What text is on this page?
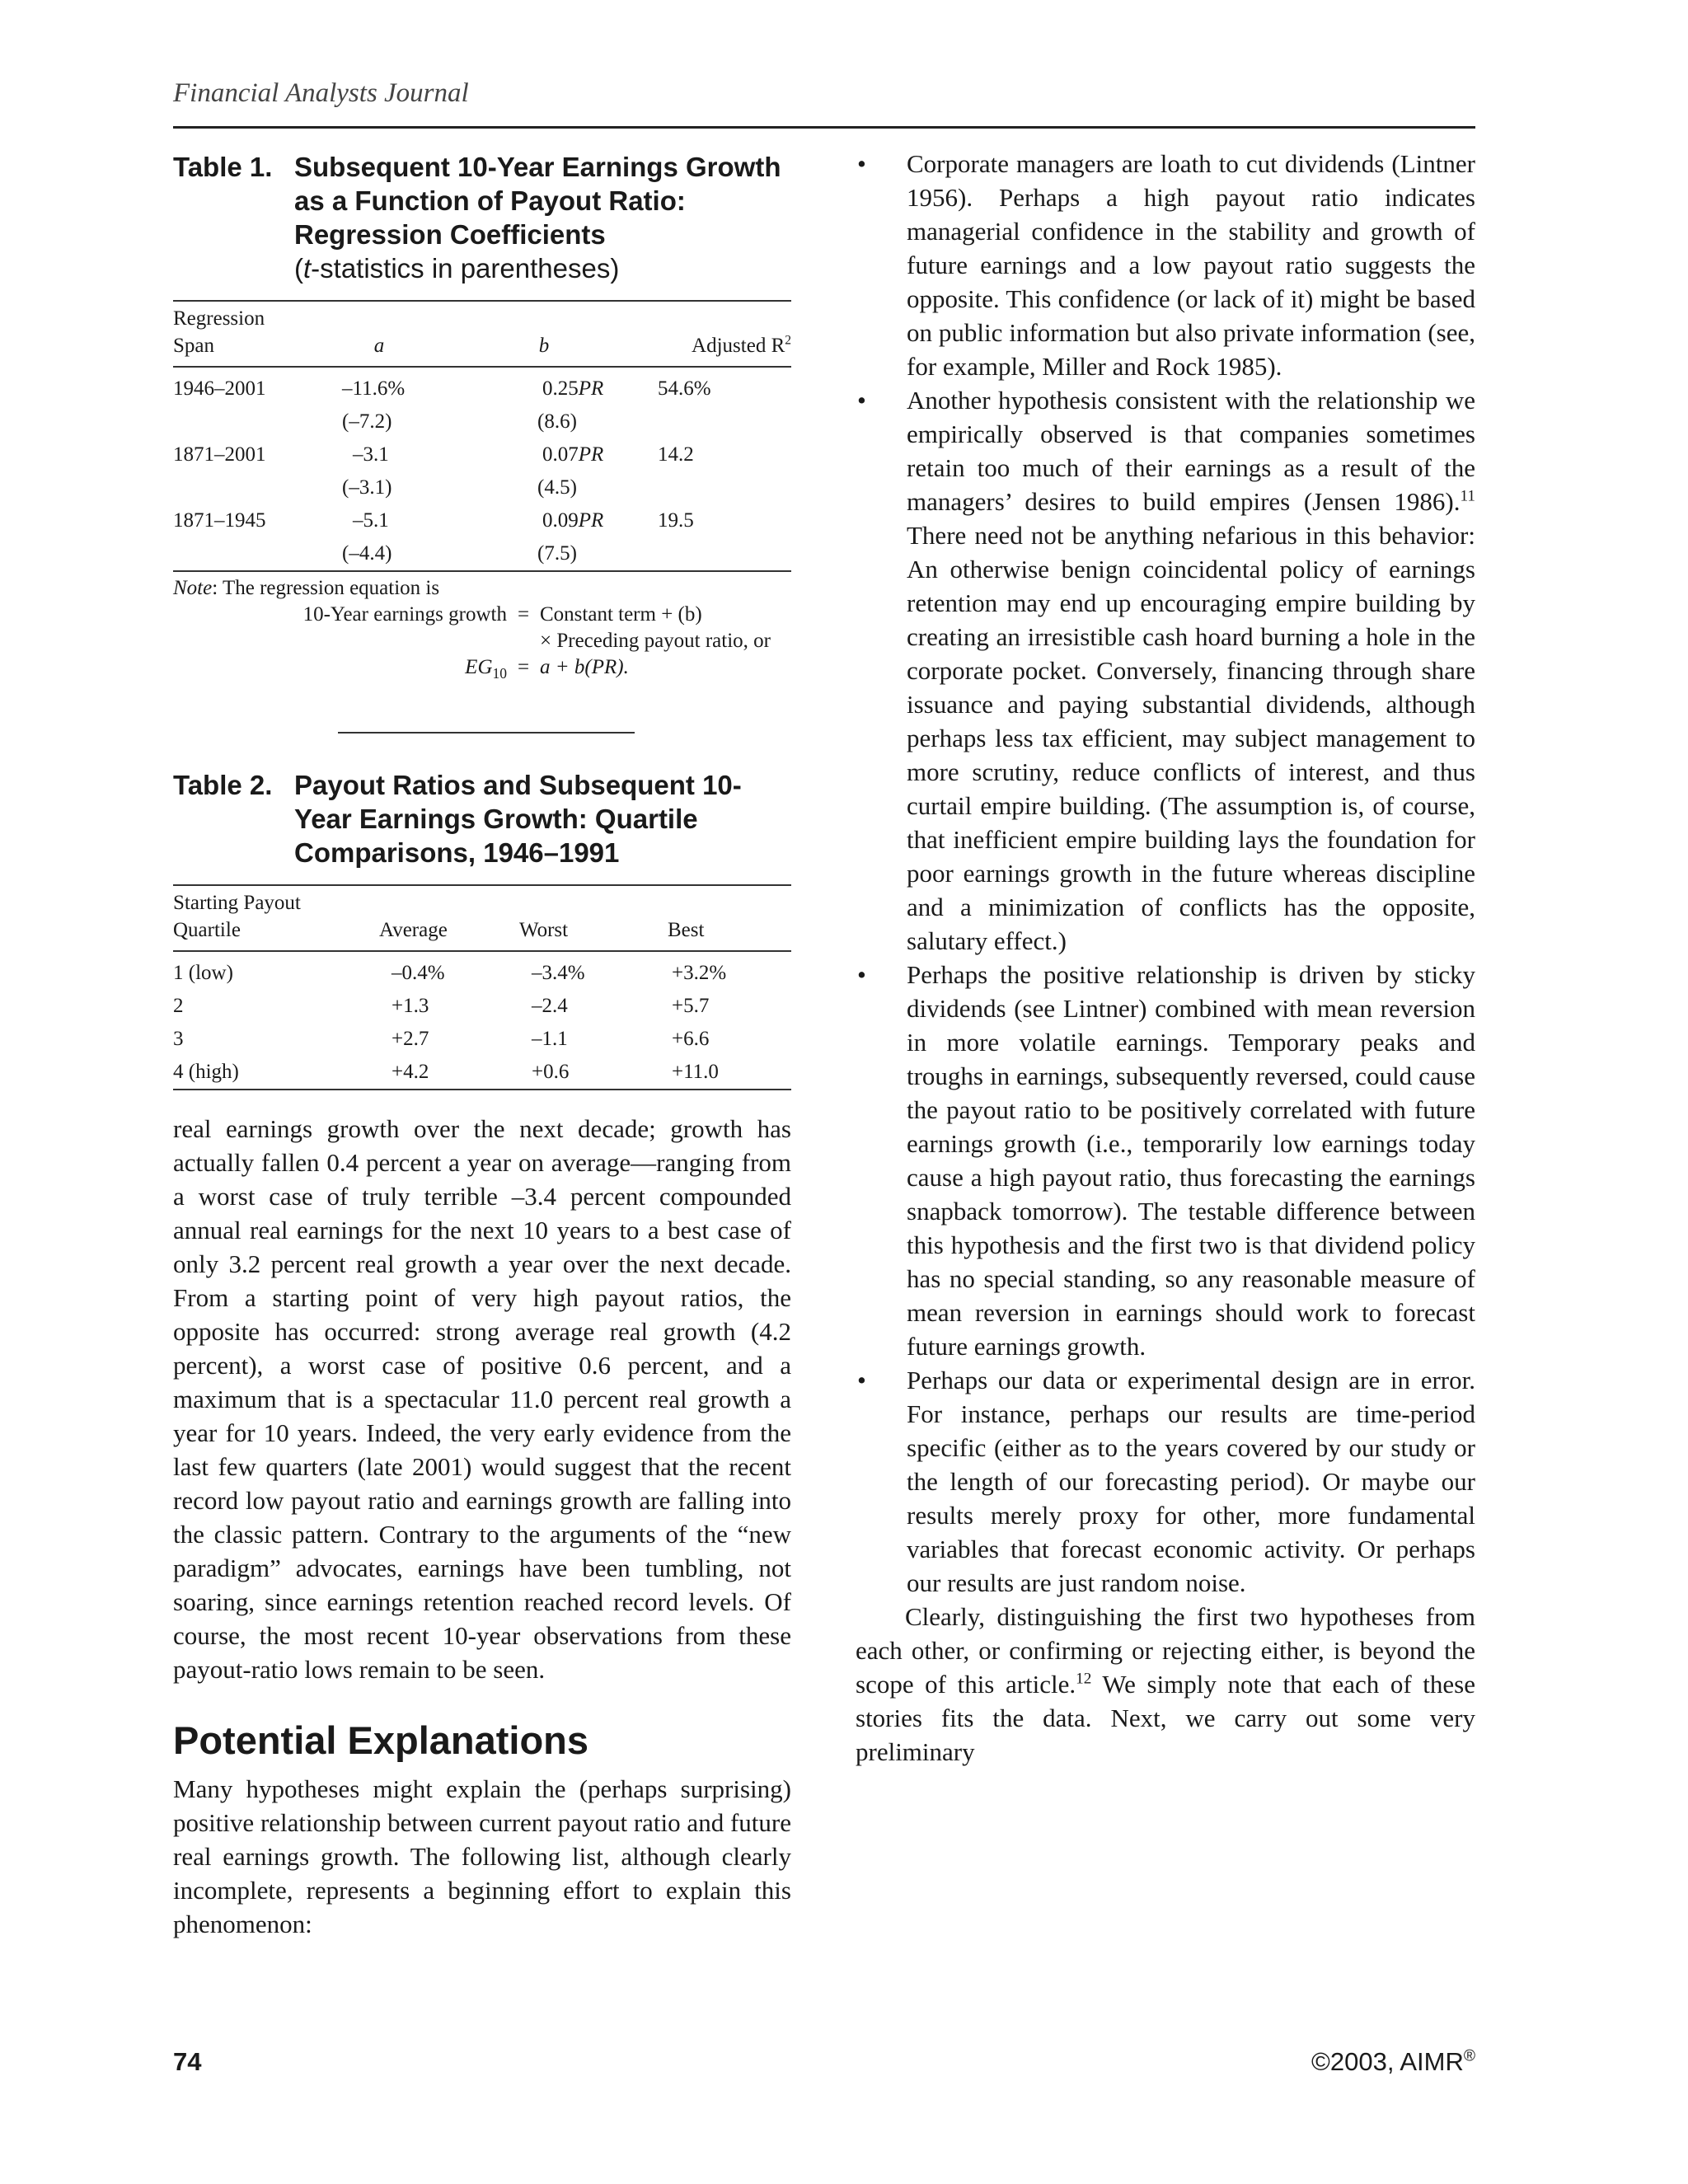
Financial Analysts Journal
Table 1. Subsequent 10-Year Earnings Growth as a Function of Payout Ratio: Regression Coefficients
(t-statistics in parentheses)
Regression
Span	a	b	Adjusted $R^2$
1946–2001	–11.6%	0.25PR	54.6%
	(–7.2)	(8.6)	
1871–2001	–3.1	0.07PR	14.2
	(–3.1)	(4.5)	
1871–1945	–5.1	0.09PR	19.5
	(–4.4)	(7.5)	
Note: The regression equation is
10-Year earnings growth = Constant term + (b)
× Preceding payout ratio, or
$EG_{10} = a + b(PR)$.
Table 2. Payout Ratios and Subsequent 10-Year Earnings Growth: Quartile Comparisons, 1946–1991
Starting Payout
Quartile	Average	Worst	Best
1 (low)	–0.4%	–3.4%	+3.2%
2	+1.3	–2.4	+5.7
3	+2.7	–1.1	+6.6
4 (high)	+4.2	+0.6	+11.0

real earnings growth over the next decade; growth has actually fallen 0.4 percent a year on average—ranging from a worst case of truly terrible –3.4 percent compounded annual real earnings for the next 10 years to a best case of only 3.2 percent real growth a year over the next decade. From a starting point of very high payout ratios, the opposite has occurred: strong average real growth (4.2 percent), a worst case of positive 0.6 percent, and a maximum that is a spectacular 11.0 percent real growth a year for 10 years. Indeed, the very early evidence from the last few quarters (late 2001) would suggest that the recent record low payout ratio and earnings growth are falling into the classic pattern. Contrary to the arguments of the “new paradigm” advocates, earnings have been tumbling, not soaring, since earnings retention reached record levels. Of course, the most recent 10-year observations from these payout-ratio lows remain to be seen.

Potential Explanations

Many hypotheses might explain the (perhaps surprising) positive relationship between current payout ratio and future real earnings growth. The following list, although clearly incomplete, represents a beginning effort to explain this phenomenon:

• Corporate managers are loath to cut dividends (Lintner 1956). Perhaps a high payout ratio indicates managerial confidence in the stability and growth of future earnings and a low payout ratio suggests the opposite. This confidence (or lack of it) might be based on public information but also private information (see, for example, Miller and Rock 1985).
• Another hypothesis consistent with the relationship we empirically observed is that companies sometimes retain too much of their earnings as a result of the managers’ desires to build empires (Jensen 1986).$^{11}$ There need not be anything nefarious in this behavior: An otherwise benign coincidental policy of earnings retention may end up encouraging empire building by creating an irresistible cash hoard burning a hole in the corporate pocket. Conversely, financing through share issuance and paying substantial dividends, although perhaps less tax efficient, may subject management to more scrutiny, reduce conflicts of interest, and thus curtail empire building. (The assumption is, of course, that inefficient empire building lays the foundation for poor earnings growth in the future whereas discipline and a minimization of conflicts has the opposite, salutary effect.)
• Perhaps the positive relationship is driven by sticky dividends (see Lintner) combined with mean reversion in more volatile earnings. Temporary peaks and troughs in earnings, subsequently reversed, could cause the payout ratio to be positively correlated with future earnings growth (i.e., temporarily low earnings today cause a high payout ratio, thus forecasting the earnings snapback tomorrow). The testable difference between this hypothesis and the first two is that dividend policy has no special standing, so any reasonable measure of mean reversion in earnings should work to forecast future earnings growth.
• Perhaps our data or experimental design are in error. For instance, perhaps our results are time-period specific (either as to the years covered by our study or the length of our forecasting period). Or maybe our results merely proxy for other, more fundamental variables that forecast economic activity. Or perhaps our results are just random noise.

Clearly, distinguishing the first two hypotheses from each other, or confirming or rejecting either, is beyond the scope of this article.$^{12}$ We simply note that each of these stories fits the data. Next, we carry out some very preliminary

74	©2003, AIMR®
